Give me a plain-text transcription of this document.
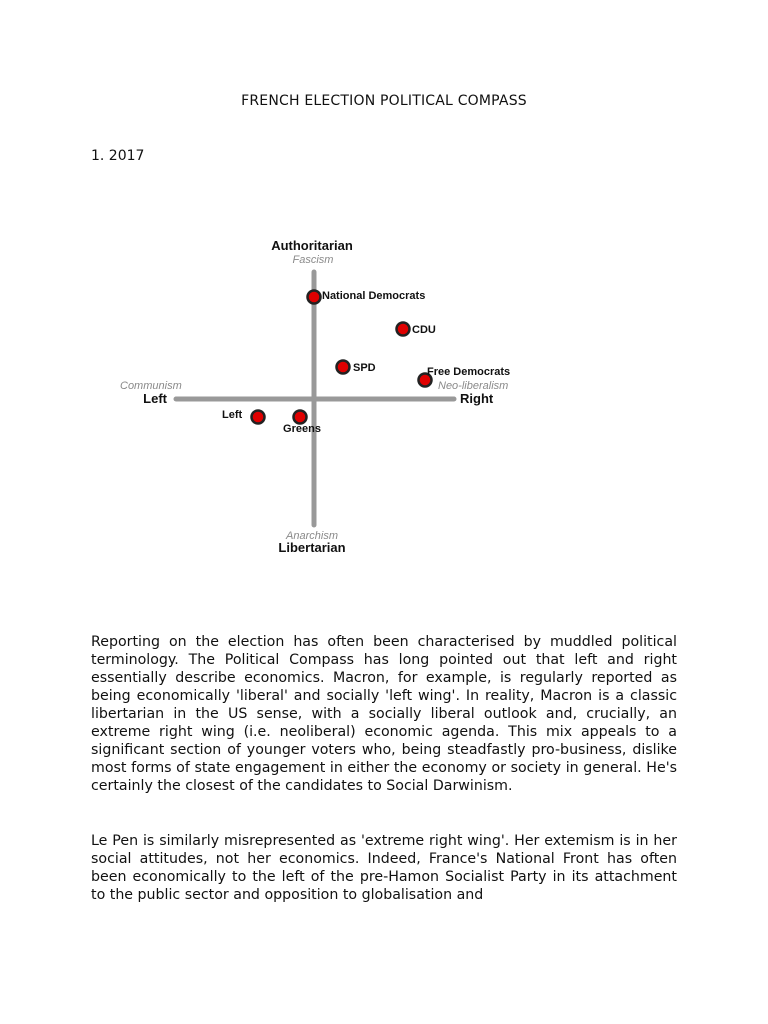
FRENCH ELECTION POLITICAL COMPASS
1. 2017
Authoritarian
Fascism
Anarchism
Libertarian
Communism
Left
Neo-liberalism
Right
National Democrats
CDU
SPD	Free Democrats
Left
Greens

Reporting on the election has often been characterised by muddled political terminology. The Political Compass has long pointed out that left and right essentially describe economics. Macron, for example, is regularly reported as being economically 'liberal' and socially 'left wing'. In reality, Macron is a classic libertarian in the US sense, with a socially liberal outlook and, crucially, an extreme right wing (i.e. neoliberal) economic agenda. This mix appeals to a significant section of younger voters who, being steadfastly pro-business, dislike most forms of state engagement in either the economy or society in general. He's certainly the closest of the candidates to Social Darwinism.

Le Pen is similarly misrepresented as 'extreme right wing'. Her extemism is in her social attitudes, not her economics. Indeed, France's National Front has often been economically to the left of the pre-Hamon Socialist Party in its attachment to the public sector and opposition to globalisation and
